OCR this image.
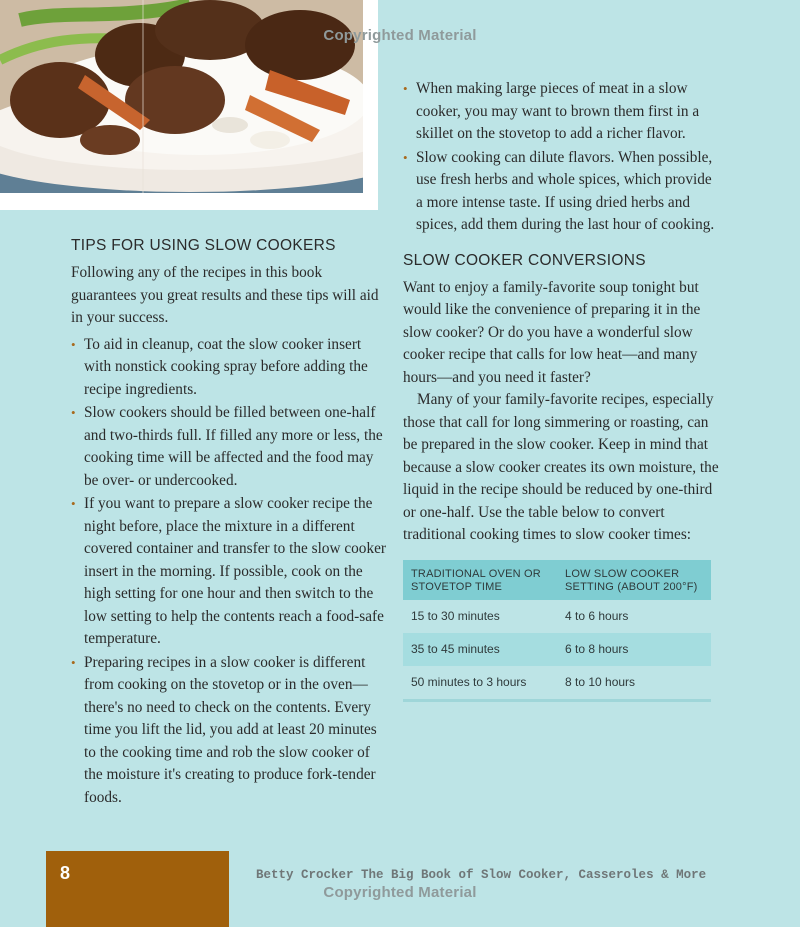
Copyrighted Material
TIPS FOR USING SLOW COOKERS

Following any of the recipes in this book guarantees you great results and these tips will aid in your success.

• To aid in cleanup, coat the slow cooker insert with nonstick cooking spray before adding the recipe ingredients.
• Slow cookers should be filled between one-half and two-thirds full. If filled any more or less, the cooking time will be affected and the food may be over- or undercooked.
• If you want to prepare a slow cooker recipe the night before, place the mixture in a different covered container and transfer to the slow cooker insert in the morning. If possible, cook on the high setting for one hour and then switch to the low setting to help the contents reach a food-safe temperature.
• Preparing recipes in a slow cooker is different from cooking on the stovetop or in the oven—there's no need to check on the contents. Every time you lift the lid, you add at least 20 minutes to the cooking time and rob the slow cooker of the moisture it's creating to produce fork-tender foods.
• When making large pieces of meat in a slow cooker, you may want to brown them first in a skillet on the stovetop to add a richer flavor.
• Slow cooking can dilute flavors. When possible, use fresh herbs and whole spices, which provide a more intense taste. If using dried herbs and spices, add them during the last hour of cooking.
SLOW COOKER CONVERSIONS

Want to enjoy a family-favorite soup tonight but would like the convenience of preparing it in the slow cooker? Or do you have a wonderful slow cooker recipe that calls for low heat—and many hours—and you need it faster?

Many of your family-favorite recipes, especially those that call for long simmering or roasting, can be prepared in the slow cooker. Keep in mind that because a slow cooker creates its own moisture, the liquid in the recipe should be reduced by one-third or one-half. Use the table below to convert traditional cooking times to slow cooker times:

TRADITIONAL OVEN OR STOVETOP TIME	LOW SLOW COOKER SETTING (ABOUT 200°F)
15 to 30 minutes	4 to 6 hours
35 to 45 minutes	6 to 8 hours
50 minutes to 3 hours	8 to 10 hours
8	Betty Crocker The Big Book of Slow Cooker, Casseroles & More
Copyrighted Material
